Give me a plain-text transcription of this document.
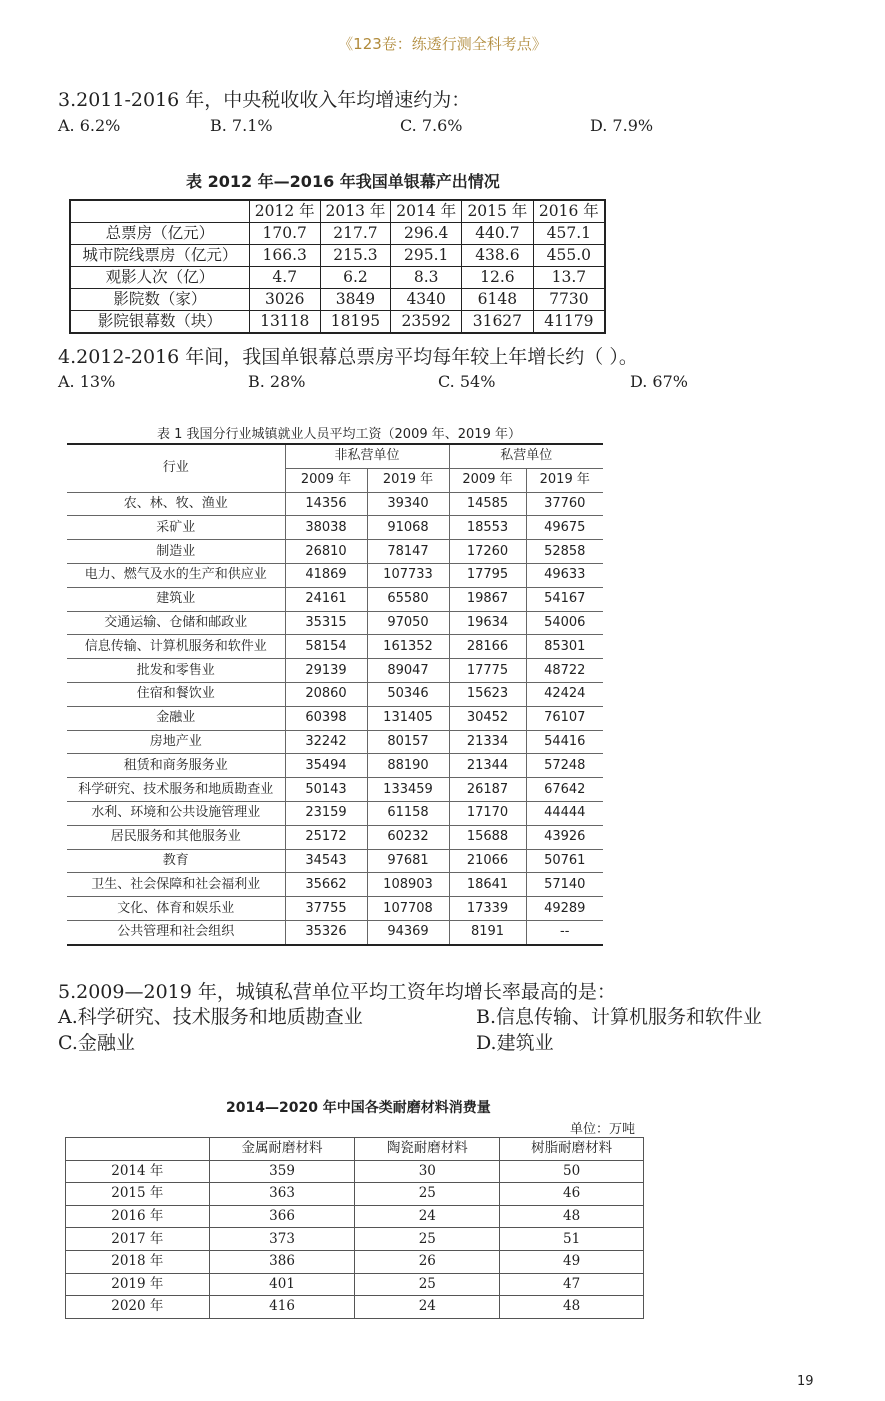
《123卷：练透行测全科考点》
3.2011-2016 年，中央税收收入年均增速约为：
A. 6.2%	B. 7.1%	C. 7.6%	D. 7.9%
表 2012 年—2016 年我国单银幕产出情况
	2012 年	2013 年	2014 年	2015 年	2016 年
总票房（亿元）	170.7	217.7	296.4	440.7	457.1
城市院线票房（亿元）	166.3	215.3	295.1	438.6	455.0
观影人次（亿）	4.7	6.2	8.3	12.6	13.7
影院数（家）	3026	3849	4340	6148	7730
影院银幕数（块）	13118	18195	23592	31627	41179
4.2012-2016 年间，我国单银幕总票房平均每年较上年增长约（ ）。
A. 13%	B. 28%	C. 54%	D. 67%
表 1 我国分行业城镇就业人员平均工资（2009 年、2019 年）
行业	非私营单位		私营单位	
	2009 年	2019 年	2009 年	2019 年
农、林、牧、渔业	14356	39340	14585	37760
采矿业	38038	91068	18553	49675
制造业	26810	78147	17260	52858
电力、燃气及水的生产和供应业	41869	107733	17795	49633
建筑业	24161	65580	19867	54167
交通运输、仓储和邮政业	35315	97050	19634	54006
信息传输、计算机服务和软件业	58154	161352	28166	85301
批发和零售业	29139	89047	17775	48722
住宿和餐饮业	20860	50346	15623	42424
金融业	60398	131405	30452	76107
房地产业	32242	80157	21334	54416
租赁和商务服务业	35494	88190	21344	57248
科学研究、技术服务和地质勘查业	50143	133459	26187	67642
水利、环境和公共设施管理业	23159	61158	17170	44444
居民服务和其他服务业	25172	60232	15688	43926
教育	34543	97681	21066	50761
卫生、社会保障和社会福利业	35662	108903	18641	57140
文化、体育和娱乐业	37755	107708	17339	49289
公共管理和社会组织	35326	94369	8191	--
5.2009—2019 年，城镇私营单位平均工资年均增长率最高的是：
A.科学研究、技术服务和地质勘查业	B.信息传输、计算机服务和软件业
C.金融业	D.建筑业
2014—2020 年中国各类耐磨材料消费量
单位：万吨
	金属耐磨材料	陶瓷耐磨材料	树脂耐磨材料
2014 年	359	30	50
2015 年	363	25	46
2016 年	366	24	48
2017 年	373	25	51
2018 年	386	26	49
2019 年	401	25	47
2020 年	416	24	48
19
